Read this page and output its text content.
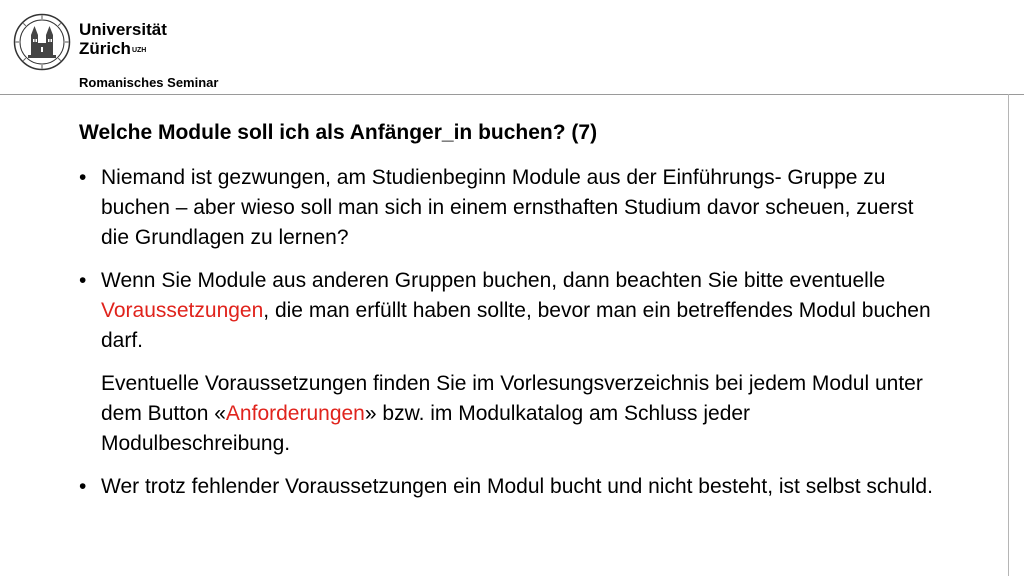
Universität
Zürich$^{UZH}$
Romanisches Seminar
Welche Module soll ich als Anfänger_in buchen? (7)
• Niemand ist gezwungen, am Studienbeginn Module aus der Einführungs- Gruppe zu buchen – aber wieso soll man sich in einem ernsthaften Studium davor scheuen, zuerst die Grundlagen zu lernen?
• Wenn Sie Module aus anderen Gruppen buchen, dann beachten Sie bitte eventuelle Voraussetzungen, die man erfüllt haben sollte, bevor man ein betreffendes Modul buchen darf.
Eventuelle Voraussetzungen finden Sie im Vorlesungsverzeichnis bei jedem Modul unter dem Button «Anforderungen» bzw. im Modulkatalog am Schluss jeder Modulbeschreibung.
• Wer trotz fehlender Voraussetzungen ein Modul bucht und nicht besteht, ist selbst schuld.
